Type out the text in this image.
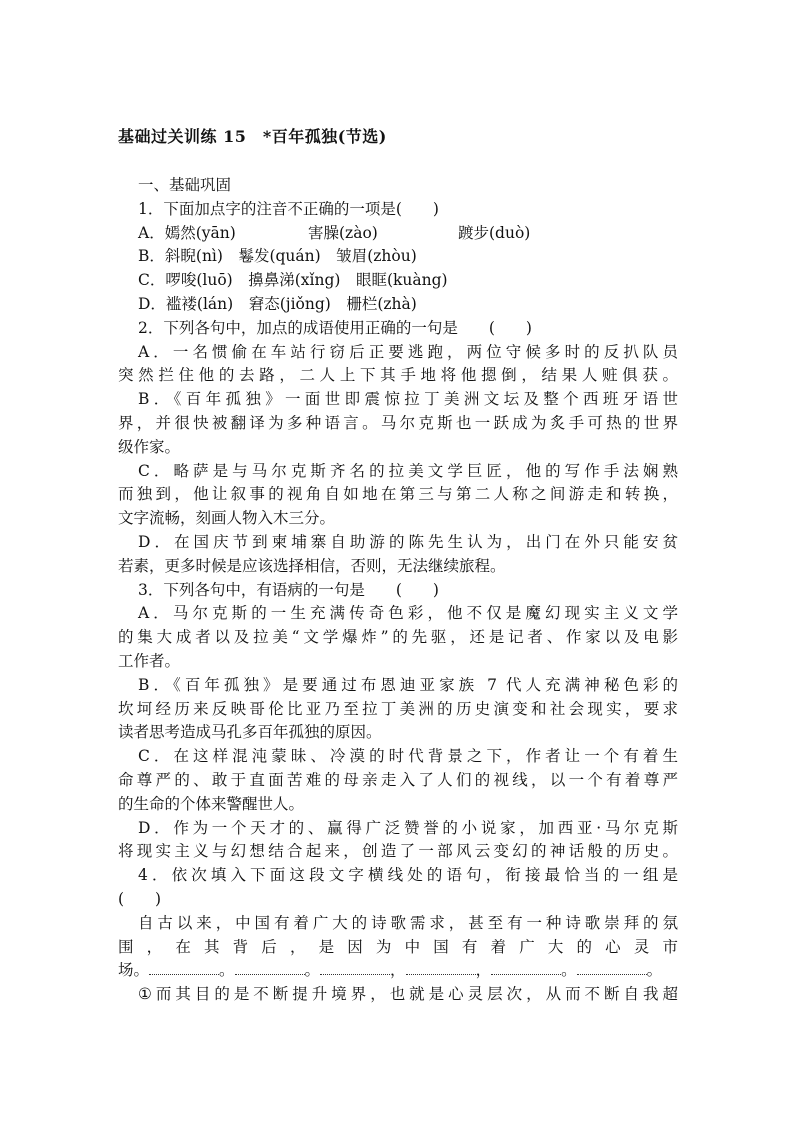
基础过关训练 15　*百年孤独(节选)
一、基础巩固
1．下面加点字的注音不正确的一项是(　　)
A．嫣然(yān)	害臊(zào)	踱步(duò)
B．斜睨(nì)　 鬈发(quán)　 皱眉(zhòu)
C．啰唆(luō)　 擤鼻涕(xǐng)　 眼眶(kuàng)
D．褴褛(lán)　 窘态(jiǒng)　 栅栏(zhà)
2．下列各句中，加点的成语使用正确的一句是　　(　　)
A．一名惯偷在车站行窃后正要逃跑，两位守候多时的反扒队员
突然拦住他的去路，二人上下其手地将他摁倒，结果人赃俱获。
B．《百年孤独》一面世即震惊拉丁美洲文坛及整个西班牙语世
界，并很快被翻译为多种语言。马尔克斯也一跃成为炙手可热的世界
级作家。
C．略萨是与马尔克斯齐名的拉美文学巨匠，他的写作手法娴熟
而独到，他让叙事的视角自如地在第三与第二人称之间游走和转换，
文字流畅，刻画人物入木三分。
D．在国庆节到柬埔寨自助游的陈先生认为，出门在外只能安贫
若素，更多时候是应该选择相信，否则，无法继续旅程。
3．下列各句中，有语病的一句是　　(　　)
A．马尔克斯的一生充满传奇色彩，他不仅是魔幻现实主义文学
的集大成者以及拉美“文学爆炸”的先驱，还是记者、作家以及电影
工作者。
B．《百年孤独》是要通过布恩迪亚家族 7 代人充满神秘色彩的
坎坷经历来反映哥伦比亚乃至拉丁美洲的历史演变和社会现实，要求
读者思考造成马孔多百年孤独的原因。
C．在这样混沌蒙昧、冷漠的时代背景之下，作者让一个有着生
命尊严的、敢于直面苦难的母亲走入了人们的视线，以一个有着尊严
的生命的个体来警醒世人。
D．作为一个天才的、赢得广泛赞誉的小说家，加西亚·马尔克斯
将现实主义与幻想结合起来，创造了一部风云变幻的神话般的历史。
4．依次填入下面这段文字横线处的语句，衔接最恰当的一组是
(　　)
自古以来，中国有着广大的诗歌需求，甚至有一种诗歌崇拜的氛
围，在其背后，是因为中国有着广大的心灵市
场。	。	。	，	，	。	。
①而其目的是不断提升境界，也就是心灵层次，从而不断自我超
